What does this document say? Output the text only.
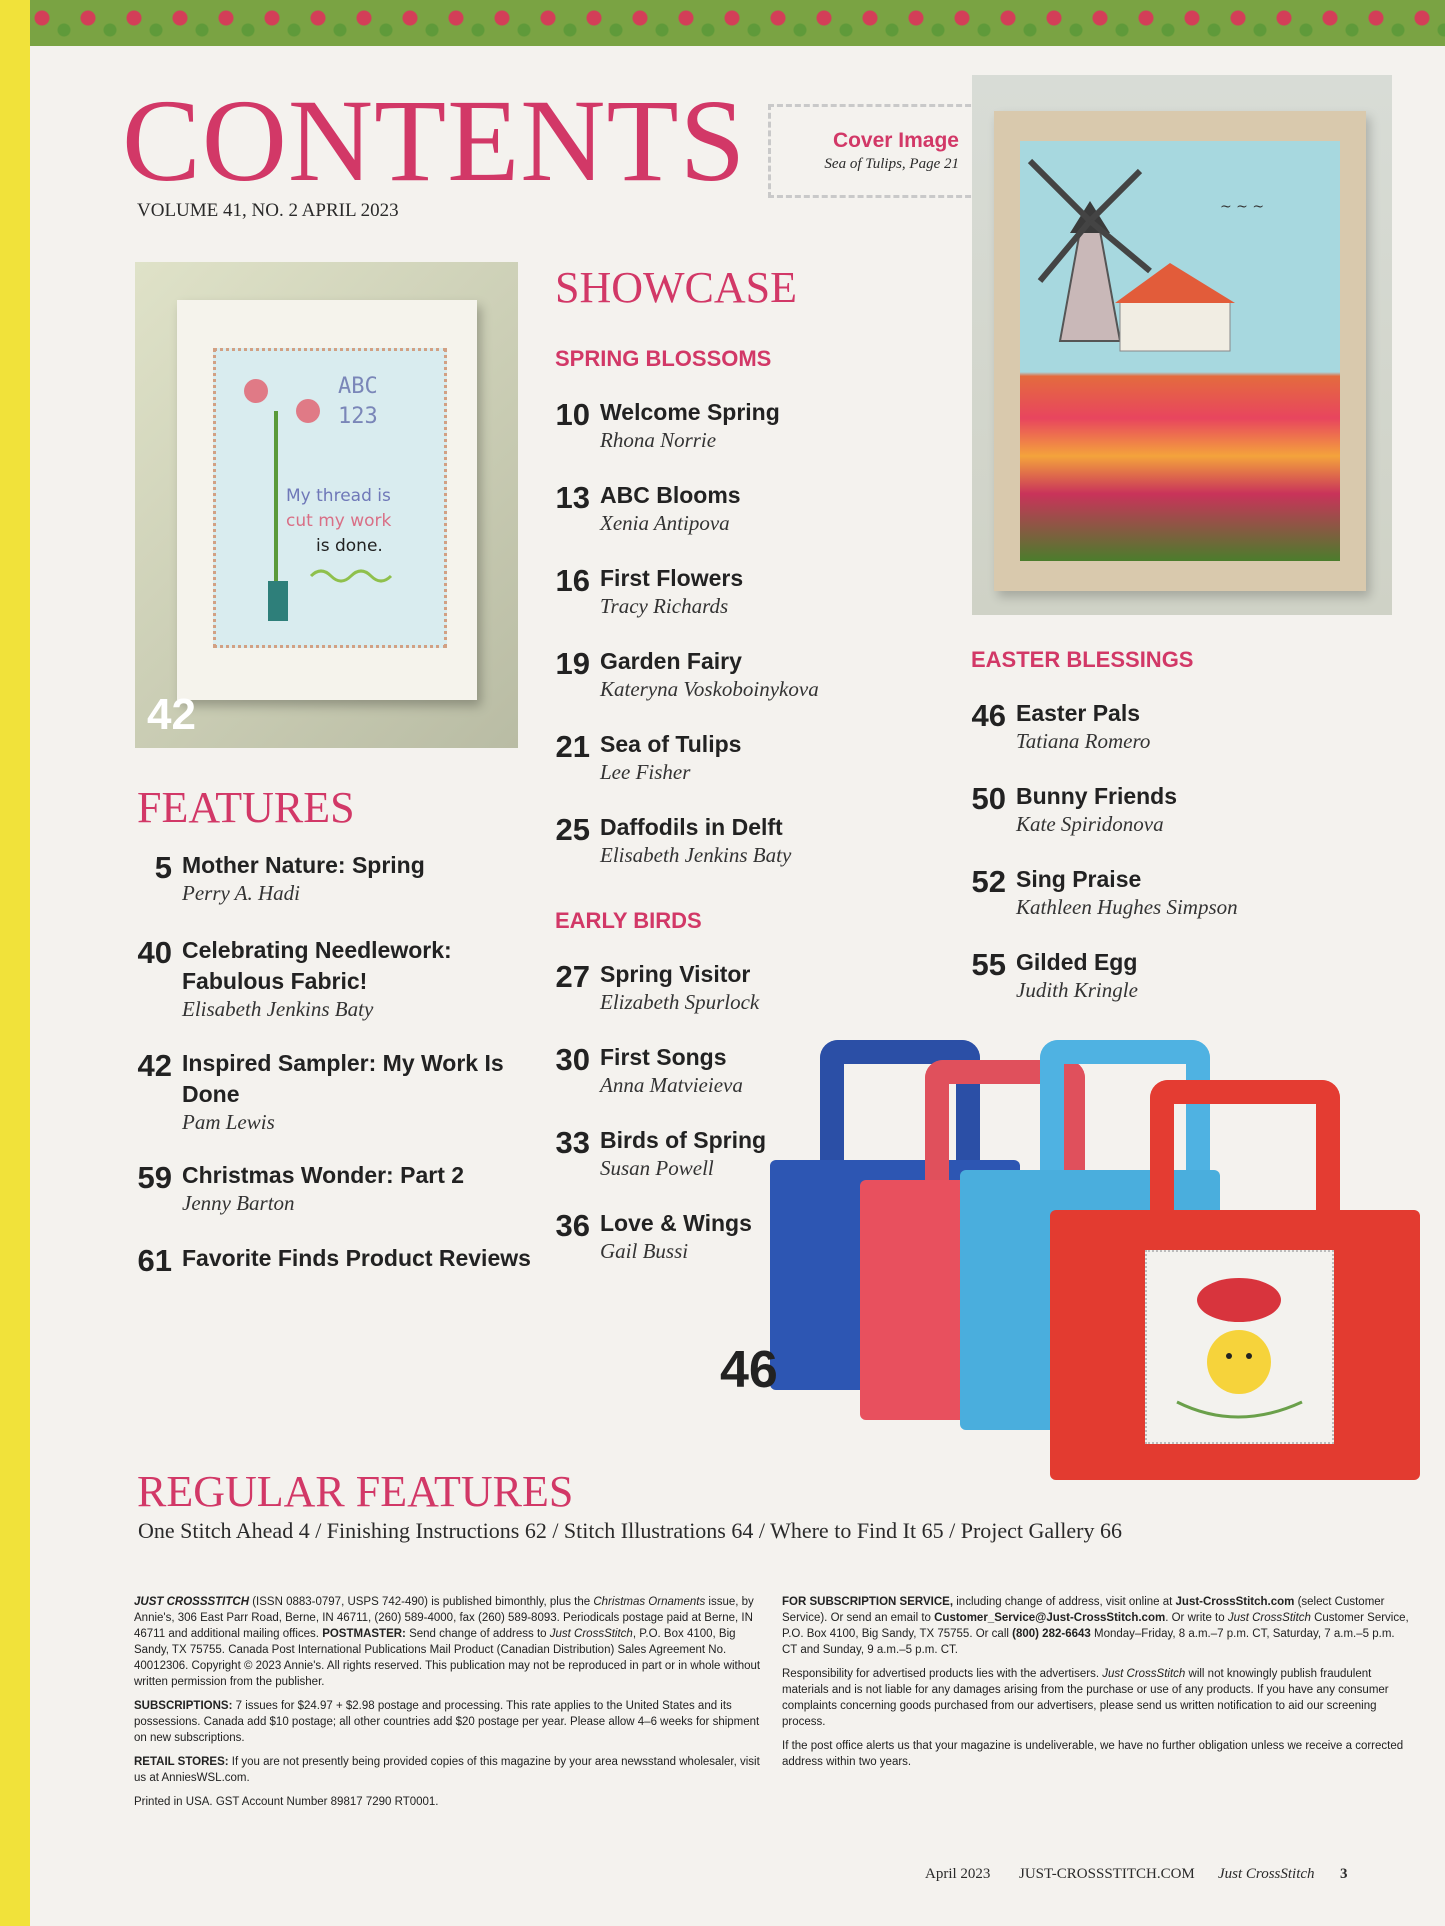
CONTENTS
VOLUME 41, NO. 2 APRIL 2023
Cover Image
Sea of Tulips, Page 21
ABC
123
My thread is
cut my work
is done.
42
~ ~ ~
FEATURES
5 Mother Nature: Spring
Perry A. Hadi
40 Celebrating Needlework:
Fabulous Fabric!
Elisabeth Jenkins Baty
42 Inspired Sampler: My Work Is
Done
Pam Lewis
59 Christmas Wonder: Part 2
Jenny Barton
61 Favorite Finds Product Reviews
SHOWCASE
SPRING BLOSSOMS
10 Welcome Spring
Rhona Norrie
13 ABC Blooms
Xenia Antipova
16 First Flowers
Tracy Richards
19 Garden Fairy
Kateryna Voskoboinykova
21 Sea of Tulips
Lee Fisher
25 Daffodils in Delft
Elisabeth Jenkins Baty
EARLY BIRDS
27 Spring Visitor
Elizabeth Spurlock
30 First Songs
Anna Matvieieva
33 Birds of Spring
Susan Powell
36 Love & Wings
Gail Bussi
EASTER BLESSINGS
46 Easter Pals
Tatiana Romero
50 Bunny Friends
Kate Spiridonova
52 Sing Praise
Kathleen Hughes Simpson
55 Gilded Egg
Judith Kringle
46
REGULAR FEATURES
One Stitch Ahead 4 / Finishing Instructions 62 / Stitch Illustrations 64 / Where to Find It 65 / Project Gallery 66

JUST CROSSSTITCH (ISSN 0883-0797, USPS 742-490) is published bimonthly, plus the Christmas Ornaments issue, by Annie's, 306 East Parr Road, Berne, IN 46711, (260) 589-4000, fax (260) 589-8093. Periodicals postage paid at Berne, IN 46711 and additional mailing offices. POSTMASTER: Send change of address to Just CrossStitch, P.O. Box 4100, Big Sandy, TX 75755. Canada Post International Publications Mail Product (Canadian Distribution) Sales Agreement No. 40012306. Copyright © 2023 Annie's. All rights reserved. This publication may not be reproduced in part or in whole without written permission from the publisher.

SUBSCRIPTIONS: 7 issues for $24.97 + $2.98 postage and processing. This rate applies to the United States and its possessions. Canada add $10 postage; all other countries add $20 postage per year. Please allow 4–6 weeks for shipment on new subscriptions.

RETAIL STORES: If you are not presently being provided copies of this magazine by your area newsstand wholesaler, visit us at AnniesWSL.com.

Printed in USA. GST Account Number 89817 7290 RT0001.

FOR SUBSCRIPTION SERVICE, including change of address, visit online at Just-CrossStitch.com (select Customer Service). Or send an email to Customer_Service@Just-CrossStitch.com. Or write to Just CrossStitch Customer Service, P.O. Box 4100, Big Sandy, TX 75755. Or call (800) 282-6643 Monday–Friday, 8 a.m.–7 p.m. CT, Saturday, 7 a.m.–5 p.m. CT and Sunday, 9 a.m.–5 p.m. CT.

Responsibility for advertised products lies with the advertisers. Just CrossStitch will not knowingly publish fraudulent materials and is not liable for any damages arising from the purchase or use of any products. If you have any consumer complaints concerning goods purchased from our advertisers, please send us written notification to aid our screening process.

If the post office alerts us that your magazine is undeliverable, we have no further obligation unless we receive a corrected address within two years.

April 2023 JUST-CROSSSTITCH.COM Just CrossStitch 3
